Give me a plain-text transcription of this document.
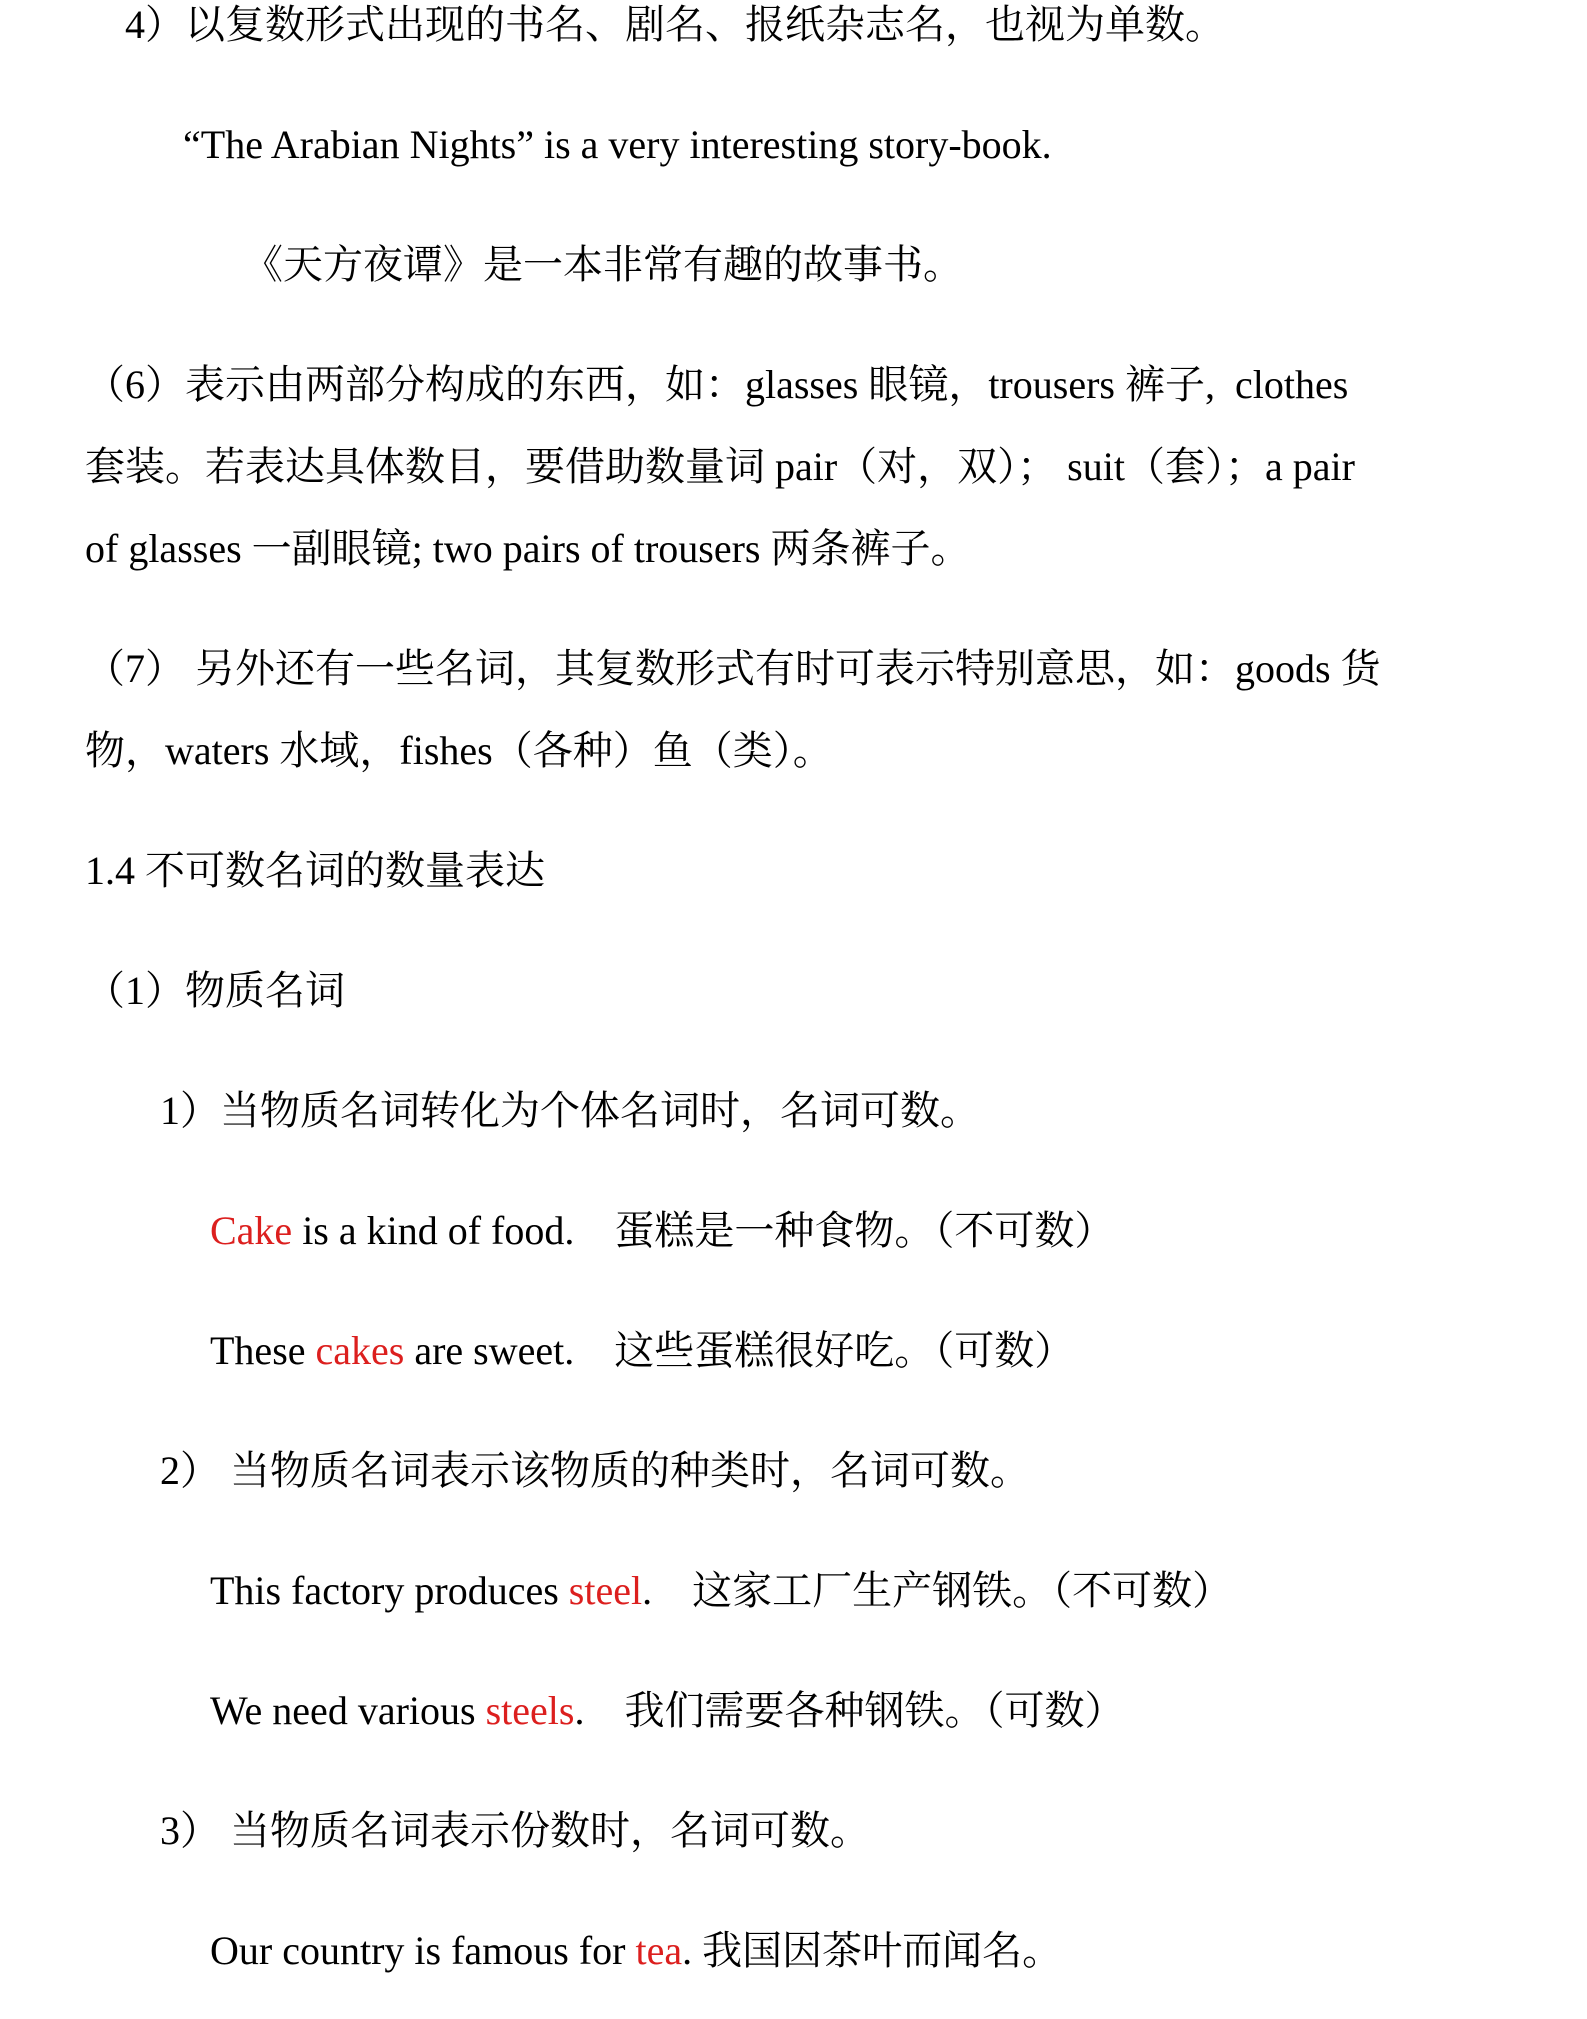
4）以复数形式出现的书名、剧名、报纸杂志名，也视为单数。
“The Arabian Nights” is a very interesting story-book.
《天方夜谭》是一本非常有趣的故事书。
（6）表示由两部分构成的东西，如：glasses 眼镜，trousers 裤子,  clothes
套装。若表达具体数目，要借助数量词 pair（对，双）； suit（套）；a pair
of glasses 一副眼镜; two pairs of trousers 两条裤子。
（7） 另外还有一些名词，其复数形式有时可表示特别意思，如：goods 货
物，waters 水域，fishes（各种）鱼（类）。
1.4 不可数名词的数量表达
（1）物质名词
1）当物质名词转化为个体名词时，名词可数。
Cake is a kind of food.　蛋糕是一种食物。（不可数）
These cakes are sweet.　这些蛋糕很好吃。（可数）
2） 当物质名词表示该物质的种类时，名词可数。
This factory produces steel.　这家工厂生产钢铁。（不可数）
We need various steels.　我们需要各种钢铁。（可数）
3） 当物质名词表示份数时，名词可数。
Our country is famous for tea. 我国因茶叶而闻名。
